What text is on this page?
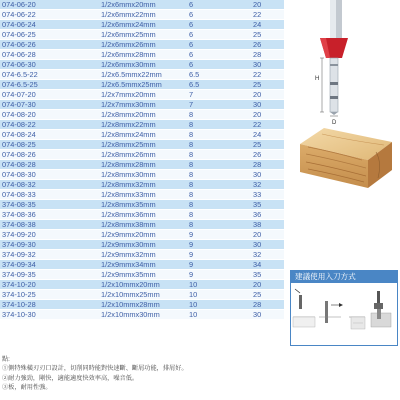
074-06-20	1/2x6mmx20mm	6	20
074-06-22	1/2x6mmx22mm	6	22
074-06-24	1/2x6mmx24mm	6	24
074-06-25	1/2x6mmx25mm	6	25
074-06-26	1/2x6mmx26mm	6	26
074-06-28	1/2x6mmx28mm	6	28
074-06-30	1/2x6mmx30mm	6	30
074-6.5-22	1/2x6.5mmx22mm	6.5	22
074-6.5-25	1/2x6.5mmx25mm	6.5	25
074-07-20	1/2x7mmx20mm	7	20
074-07-30	1/2x7mmx30mm	7	30
074-08-20	1/2x8mmx20mm	8	20
074-08-22	1/2x8mmx22mm	8	22
074-08-24	1/2x8mmx24mm	8	24
074-08-25	1/2x8mmx25mm	8	25
074-08-26	1/2x8mmx26mm	8	26
074-08-28	1/2x8mmx28mm	8	28
074-08-30	1/2x8mmx30mm	8	30
074-08-32	1/2x8mmx32mm	8	32
074-08-33	1/2x8mmx33mm	8	33
374-08-35	1/2x8mmx35mm	8	35
374-08-36	1/2x8mmx36mm	8	36
374-08-38	1/2x8mmx38mm	8	38
374-09-20	1/2x9mmx20mm	9	20
374-09-30	1/2x9mmx30mm	9	30
374-09-32	1/2x9mmx32mm	9	32
374-09-34	1/2x9mmx34mm	9	34
374-09-35	1/2x9mmx35mm	9	35
374-10-20	1/2x10mmx20mm	10	20
374-10-25	1/2x10mmx25mm	10	25
374-10-28	1/2x10mmx28mm	10	28
374-10-30	1/2x10mmx30mm	10	30
點:
①側特殊橫刃刃口設計，切削同時能對快速斷、斷屑功能，排屑好。
②耐力強勁，剛快，適能適度快效率高，噪音低。
③板，耐用性強。
H
D
建議使用入刀方式
